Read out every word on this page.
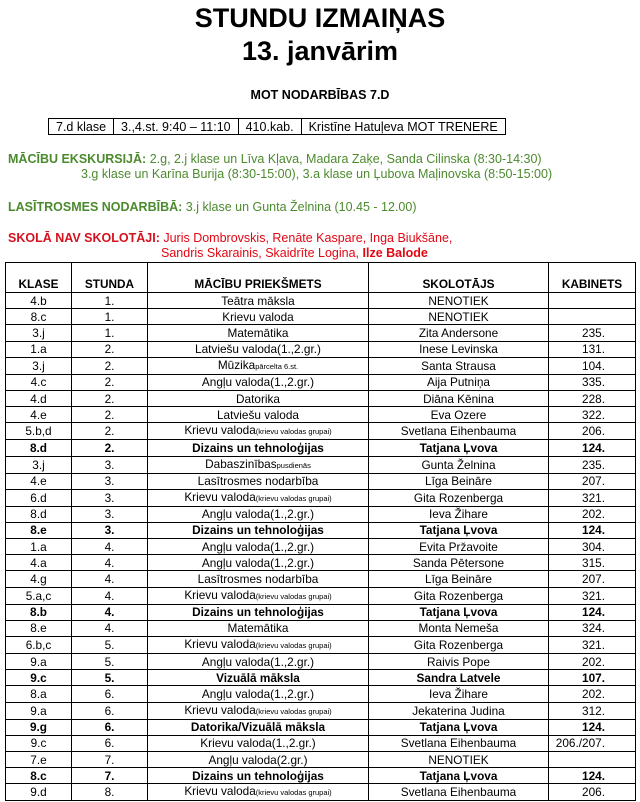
STUNDU IZMAIŅAS
13. janvārim
MOT NODARBĪBAS 7.D
7.d klase	3.,4.st. 9:40 – 11:10	410.kab.	Kristīne Hatuļeva MOT TRENERE
MĀCĪBU EKSKURSIJĀ: 2.g, 2.j klase un Līva Kļava, Madara Zaķe, Sanda Cilinska (8:30-14:30)
3.g klase un Karīna Burija (8:30-15:00), 3.a klase un Ļubova Maļinovska (8:50-15:00)
LASĪTROSMES NODARBĪBĀ: 3.j klase un Gunta Želnina (10.45 - 12.00)
SKOLĀ NAV SKOLOTĀJI: Juris Dombrovskis, Renāte Kaspare, Inga Biukšāne,
Sandris Skarainis, Skaidrīte Logina, Ilze Balode
KLASE	STUNDA	MĀCĪBU PRIEKŠMETS	SKOLOTĀJS	KABINETS
4.b	1.	Teātra māksla	NENOTIEK	
8.c	1.	Krievu valoda	NENOTIEK	
3.j	1.	Matemātika	Zita Andersone	235.
1.a	2.	Latviešu valoda(1.,2.gr.)	Inese Levinska	131.
3.j	2.	Mūzikapārcelta 6.st.	Santa Strausa	104.
4.c	2.	Angļu valoda(1.,2.gr.)	Aija Putniņa	335.
4.d	2.	Datorika	Diāna Kēnina	228.
4.e	2.	Latviešu valoda	Eva Ozere	322.
5.b,d	2.	Krievu valoda(krievu valodas grupai)	Svetlana Eihenbauma	206.
8.d	2.	Dizains un tehnoloģijas	Tatjana Ļvova	124.
3.j	3.	Dabaszinībaspusdienās	Gunta Želnina	235.
4.e	3.	Lasītrosmes nodarbība	Līga Beināre	207.
6.d	3.	Krievu valoda(krievu valodas grupai)	Gita Rozenberga	321.
8.d	3.	Angļu valoda(1.,2.gr.)	Ieva Žihare	202.
8.e	3.	Dizains un tehnoloģijas	Tatjana Ļvova	124.
1.a	4.	Angļu valoda(1.,2.gr.)	Evita Pržavoite	304.
4.a	4.	Angļu valoda(1.,2.gr.)	Sanda Pētersone	315.
4.g	4.	Lasītrosmes nodarbība	Līga Beināre	207.
5.a,c	4.	Krievu valoda(krievu valodas grupai)	Gita Rozenberga	321.
8.b	4.	Dizains un tehnoloģijas	Tatjana Ļvova	124.
8.e	4.	Matemātika	Monta Nemeša	324.
6.b,c	5.	Krievu valoda(krievu valodas grupai)	Gita Rozenberga	321.
9.a	5.	Angļu valoda(1.,2.gr.)	Raivis Pope	202.
9.c	5.	Vizuālā māksla	Sandra Latvele	107.
8.a	6.	Angļu valoda(1.,2.gr.)	Ieva Žihare	202.
9.a	6.	Krievu valoda(krievu valodas grupai)	Jekaterina Judina	312.
9.g	6.	Datorika/Vizuālā māksla	Tatjana Ļvova	124.
9.c	6.	Krievu valoda(1.,2.gr.)	Svetlana Eihenbauma	206./207.
7.e	7.	Angļu valoda(2.gr.)	NENOTIEK	
8.c	7.	Dizains un tehnoloģijas	Tatjana Ļvova	124.
9.d	8.	Krievu valoda(krievu valodas grupai)	Svetlana Eihenbauma	206.
